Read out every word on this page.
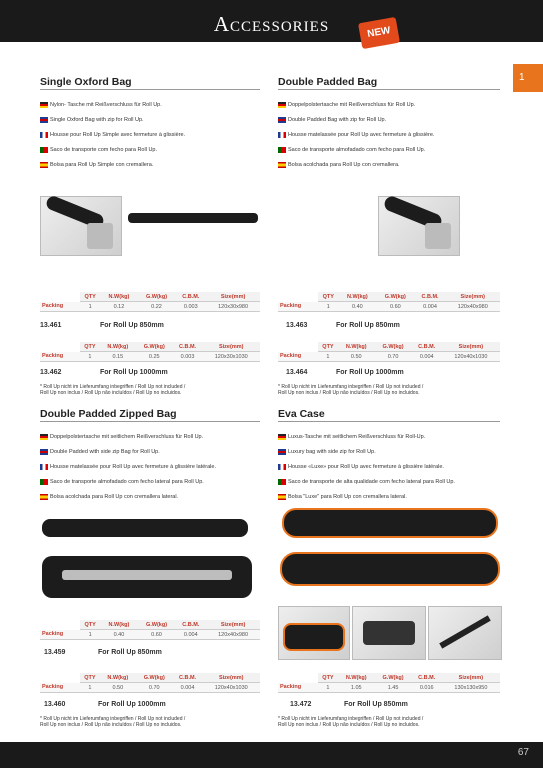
Accessories	NEW
1
Single Oxford Bag
Nylon- Tasche mit Reißverschluss für Roll Up.
Single Oxford Bag with zip for Roll Up.
Housse pour Roll Up Simple avec fermeture à glissière.
Saco de transporte com fecho para Roll Up.
Bolsa para Roll Up Simple con cremallera.
	QTY	N.W(kg)	G.W(kg)	C.B.M.	Size(mm)
Packing	1	0.12	0.22	0.003	120x30x980
13.461	For Roll Up 850mm
	QTY	N.W(kg)	G.W(kg)	C.B.M.	Size(mm)
Packing	1	0.15	0.25	0.003	120x30x1030
13.462	For Roll Up 1000mm
* Roll Up nicht im Lieferumfang inbegriffen / Roll Up not included /
Roll Up non inclus / Roll Up não incluídos / Roll Up no incluidos.
Double Padded Bag
Doppelpolstertasche mit Reißverschluss für Roll Up.
Double Padded Bag with zip for Roll Up.
Housse matelassée pour Roll Up avec fermeture à glissière.
Saco de transporte almofadado com fecho para Roll Up.
Bolsa acolchada para Roll Up con cremallera.
	QTY	N.W(kg)	G.W(kg)	C.B.M.	Size(mm)
Packing	1	0.40	0.60	0.004	120x40x980
13.463	For Roll Up 850mm
	QTY	N.W(kg)	G.W(kg)	C.B.M.	Size(mm)
Packing	1	0.50	0.70	0.004	120x40x1030
13.464	For Roll Up 1000mm
* Roll Up nicht im Lieferumfang inbegriffen / Roll Up not included /
Roll Up non inclus / Roll Up não incluídos / Roll Up no incluidos.
Double Padded Zipped Bag
Doppelpolstertasche mit seitlichem Reißverschluss für Roll Up.
Double Padded with side zip Bag for Roll Up.
Housse matelassée pour Roll Up avec fermeture à glissière latérale.
Saco de transporte almofadado com fecho lateral para Roll Up.
Bolsa acolchada para Roll Up con cremallera lateral.
	QTY	N.W(kg)	G.W(kg)	C.B.M.	Size(mm)
Packing	1	0.40	0.60	0.004	120x40x980
13.459	For Roll Up 850mm
	QTY	N.W(kg)	G.W(kg)	C.B.M.	Size(mm)
Packing	1	0.50	0.70	0.004	120x40x1030
13.460	For Roll Up 1000mm
* Roll Up nicht im Lieferumfang inbegriffen / Roll Up not included /
Roll Up non inclus / Roll Up não incluídos / Roll Up no incluidos.
Eva Case
Luxus-Tasche mit seitlichem Reißverschluss für Roll-Up.
Luxury bag with side zip for Roll Up.
Housse «Luxe» pour Roll Up avec fermeture à glissière latérale.
Saco de transporte de alta qualidade com fecho lateral para Roll Up.
Bolsa "Luxe" para Roll Up con cremallera lateral.
	QTY	N.W(kg)	G.W(kg)	C.B.M.	Size(mm)
Packing	1	1.05	1.45	0.016	130x130x950
13.472	For Roll Up 850mm
* Roll Up nicht im Lieferumfang inbegriffen / Roll Up not included /
Roll Up non inclus / Roll Up não incluídos / Roll Up no incluidos.
67
